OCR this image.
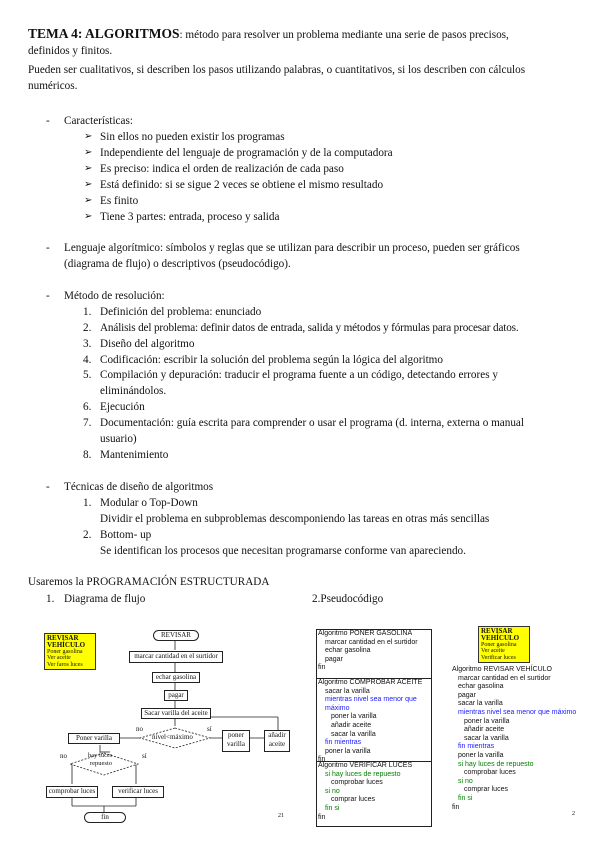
TEMA 4: ALGORITMOS: método para resolver un problema mediante una serie de pasos precisos,
definidos y finitos.
Pueden ser cualitativos, si describen los pasos utilizando palabras, o cuantitativos, si los describen con cálculos
numéricos.
- Características:
➢ Sin ellos no pueden existir los programas
➢ Independiente del lenguaje de programación y de la computadora
➢ Es preciso: indica el orden de realización de cada paso
➢ Está definido: si se sigue 2 veces se obtiene el mismo resultado
➢ Es finito
➢ Tiene 3 partes: entrada, proceso y salida
- Lenguaje algorítmico: símbolos y reglas que se utilizan para describir un proceso, pueden ser gráficos
(diagrama de flujo) o descriptivos (pseudocódigo).
- Método de resolución:
1. Definición del problema: enunciado
2. Análisis del problema: definir datos de entrada, salida y métodos y fórmulas para procesar datos.
3. Diseño del algoritmo
4. Codificación: escribir la solución del problema según la lógica del algoritmo
5. Compilación y depuración: traducir el programa fuente a un código, detectando errores y
eliminándolos.
6. Ejecución
7. Documentación: guía escrita para comprender o usar el programa (d. interna, externa o manual
usuario)
8. Mantenimiento
- Técnicas de diseño de algoritmos
1. Modular o Top-Down
Dividir el problema en subproblemas descomponiendo las tareas en otras más sencillas
2. Bottom- up
Se identifican los procesos que necesitan programarse conforme van apareciendo.
Usaremos la PROGRAMACIÓN ESTRUCTURADA
1. Diagrama de flujo	2.Pseudocódigo
REVISAR
VEHÍCULO
Poner gasolina
Ver aceite
Ver faros luces
REVISAR
marcar cantidad en el surtidor
echar gasolina
pagar
Sacar varilla del aceite
nivel<máximo
no	sí
Poner varilla	poner varilla
añadir aceite
hay luces
repuesto
no	sí
comprobar luces	verificar luces
fin	21
Algoritmo PONER GASOLINA
marcar cantidad en el surtidor
echar gasolina
pagar
fin
Algoritmo COMPROBAR ACEITE
sacar la varilla
mientras nivel sea menor que máximo
poner la varilla
añadir aceite
sacar la varilla
fin mientras
poner la varilla
fin
Algoritmo VERIFICAR LUCES
si hay luces de repuesto
comprobar luces
si no
comprar luces
fin si
fin
REVISAR
VEHÍCULO
Poner gasolina
Ver aceite
Verificar luces
Algoritmo REVISAR VEHÍCULO
marcar cantidad en el surtidor
echar gasolina
pagar
sacar la varilla
mientras nivel sea menor que máximo
poner la varilla
añadir aceite
sacar la varilla
fin mientras
poner la varilla
si hay luces de repuesto
comprobar luces
si no
comprar luces
fin si
fin
2
